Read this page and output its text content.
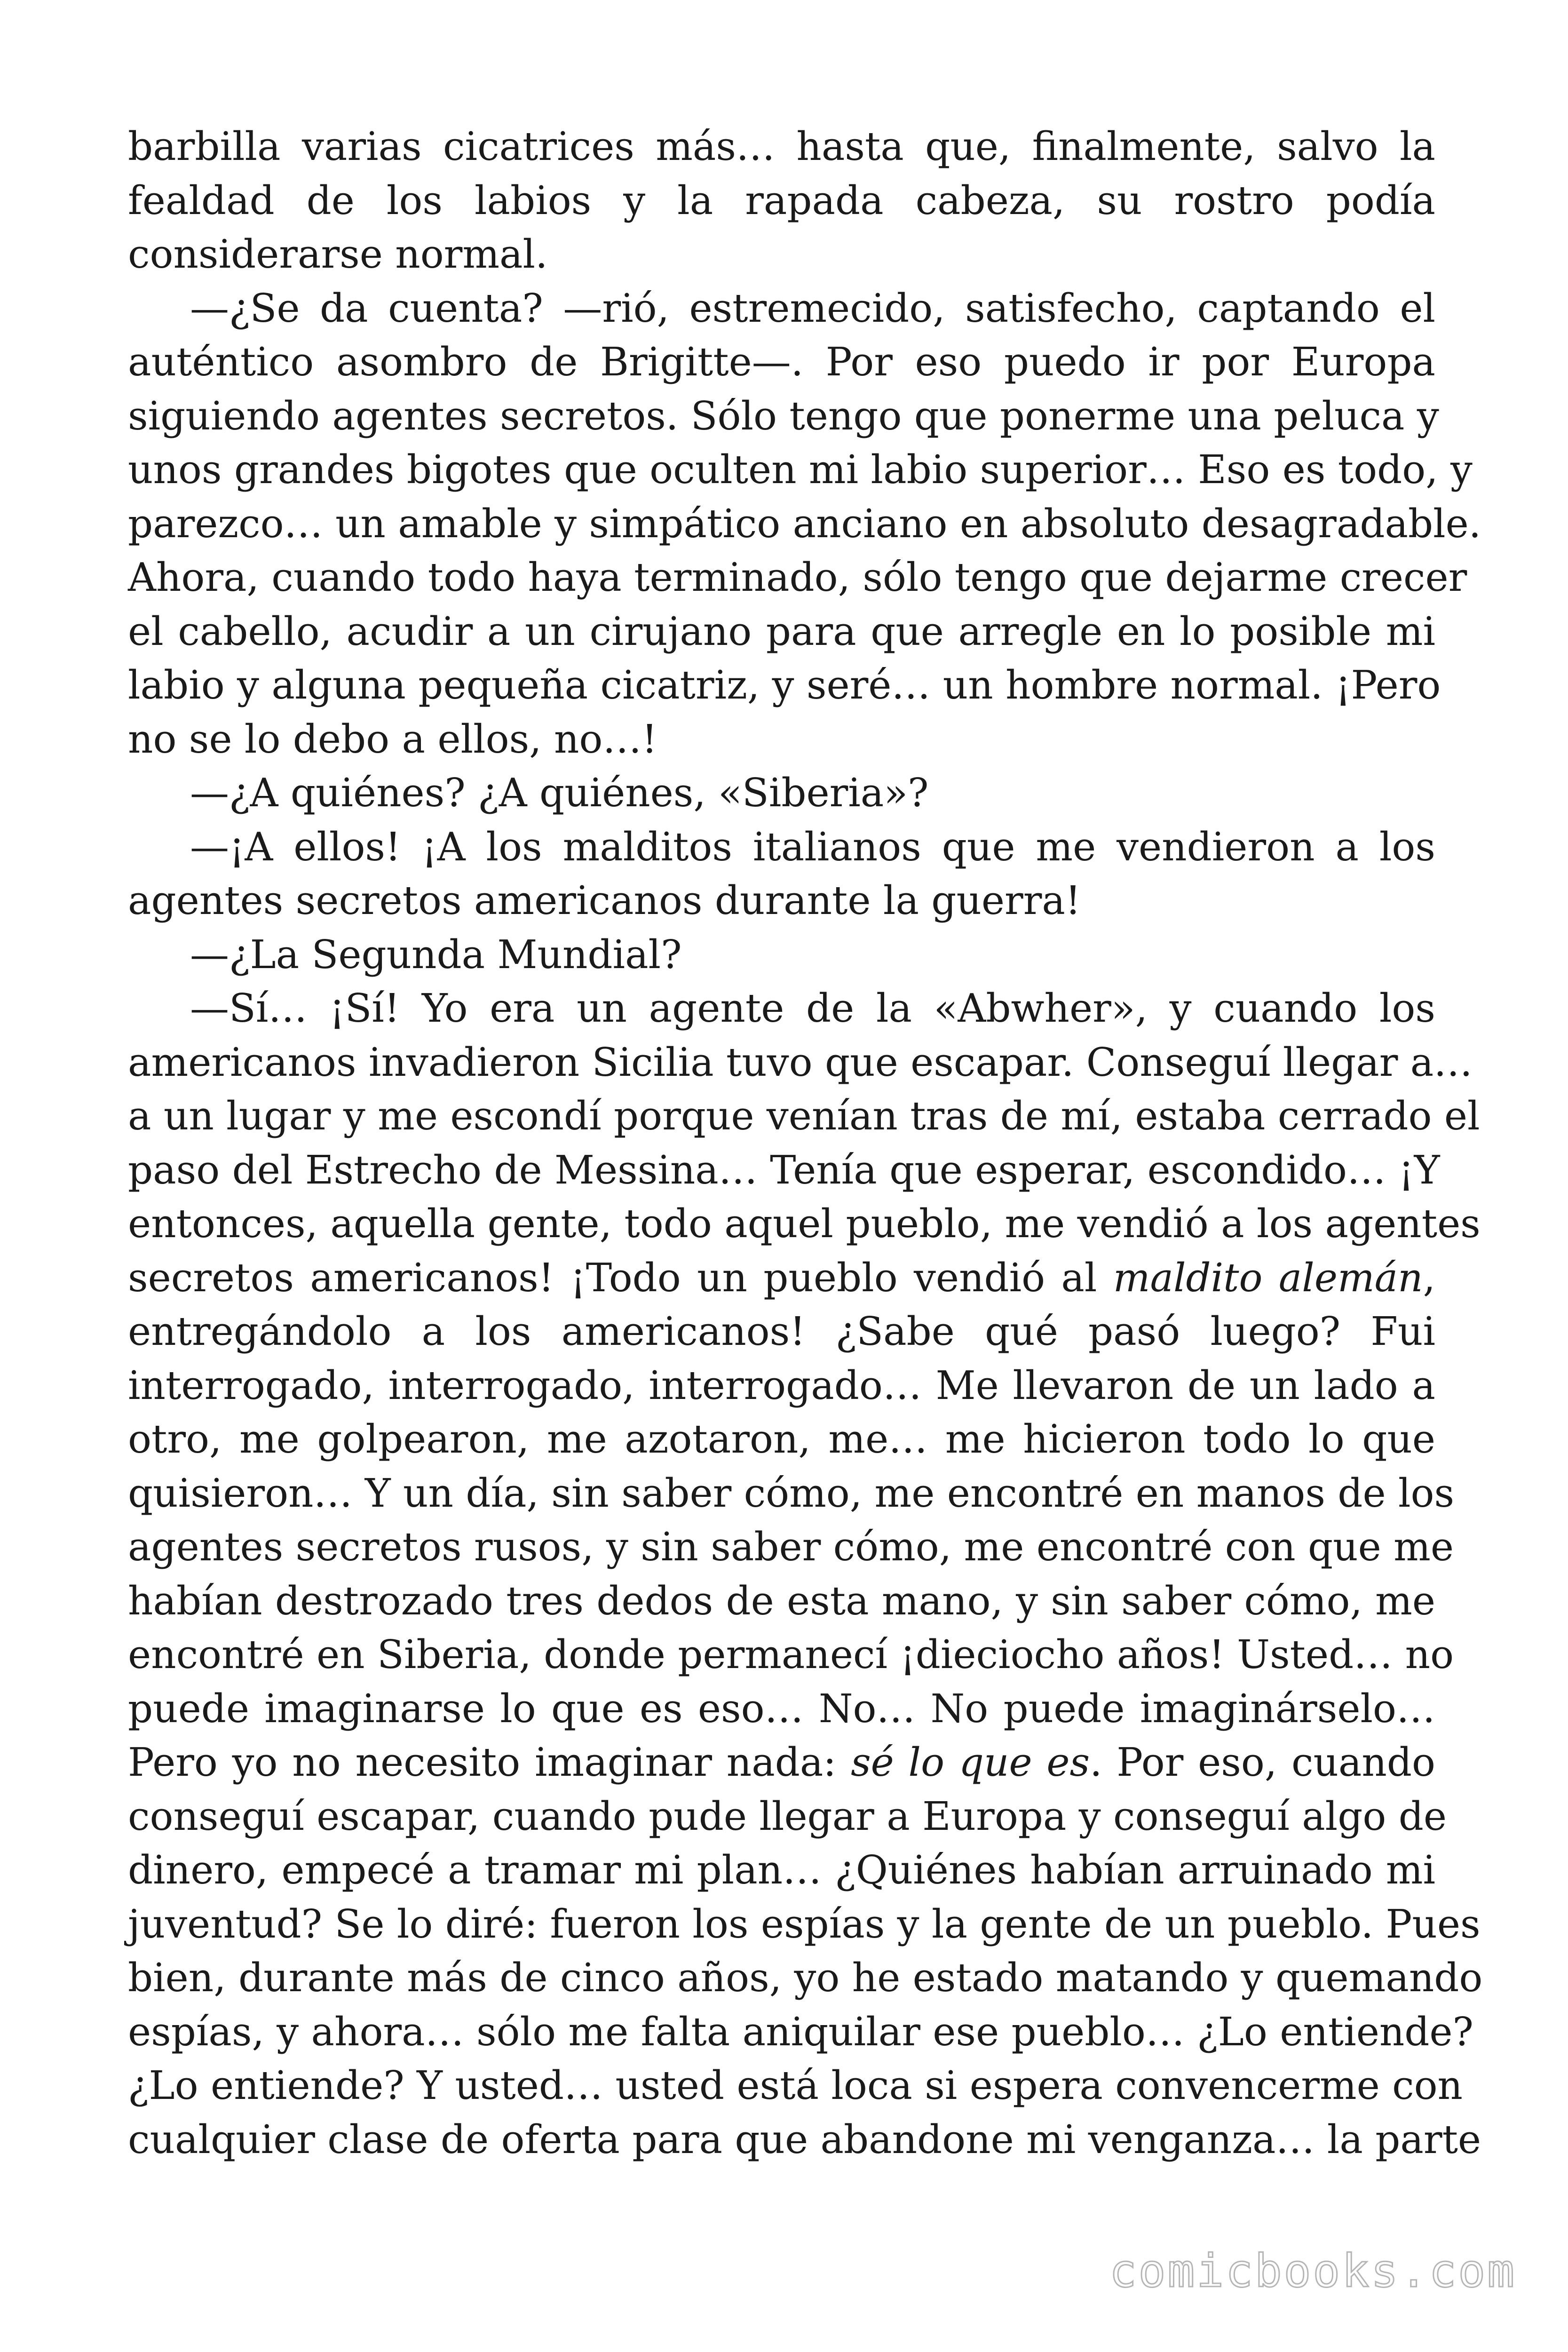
barbilla varias cicatrices más… hasta que, finalmente, salvo la
fealdad de los labios y la rapada cabeza, su rostro podía
considerarse normal.
—¿Se da cuenta? —rió, estremecido, satisfecho, captando el
auténtico asombro de Brigitte—. Por eso puedo ir por Europa
siguiendo agentes secretos. Sólo tengo que ponerme una peluca y
unos grandes bigotes que oculten mi labio superior… Eso es todo, y
parezco… un amable y simpático anciano en absoluto desagradable.
Ahora, cuando todo haya terminado, sólo tengo que dejarme crecer
el cabello, acudir a un cirujano para que arregle en lo posible mi
labio y alguna pequeña cicatriz, y seré… un hombre normal. ¡Pero
no se lo debo a ellos, no…!
—¿A quiénes? ¿A quiénes, «Siberia»?
—¡A ellos! ¡A los malditos italianos que me vendieron a los
agentes secretos americanos durante la guerra!
—¿La Segunda Mundial?
—Sí… ¡Sí! Yo era un agente de la «Abwher», y cuando los
americanos invadieron Sicilia tuvo que escapar. Conseguí llegar a…
a un lugar y me escondí porque venían tras de mí, estaba cerrado el
paso del Estrecho de Messina… Tenía que esperar, escondido… ¡Y
entonces, aquella gente, todo aquel pueblo, me vendió a los agentes
secretos americanos! ¡Todo un pueblo vendió al maldito alemán,
entregándolo a los americanos! ¿Sabe qué pasó luego? Fui
interrogado, interrogado, interrogado… Me llevaron de un lado a
otro, me golpearon, me azotaron, me… me hicieron todo lo que
quisieron… Y un día, sin saber cómo, me encontré en manos de los
agentes secretos rusos, y sin saber cómo, me encontré con que me
habían destrozado tres dedos de esta mano, y sin saber cómo, me
encontré en Siberia, donde permanecí ¡dieciocho años! Usted… no
puede imaginarse lo que es eso… No… No puede imaginárselo…
Pero yo no necesito imaginar nada: sé lo que es. Por eso, cuando
conseguí escapar, cuando pude llegar a Europa y conseguí algo de
dinero, empecé a tramar mi plan… ¿Quiénes habían arruinado mi
juventud? Se lo diré: fueron los espías y la gente de un pueblo. Pues
bien, durante más de cinco años, yo he estado matando y quemando
espías, y ahora… sólo me falta aniquilar ese pueblo… ¿Lo entiende?
¿Lo entiende? Y usted… usted está loca si espera convencerme con
cualquier clase de oferta para que abandone mi venganza… la parte
comicbooks.com
